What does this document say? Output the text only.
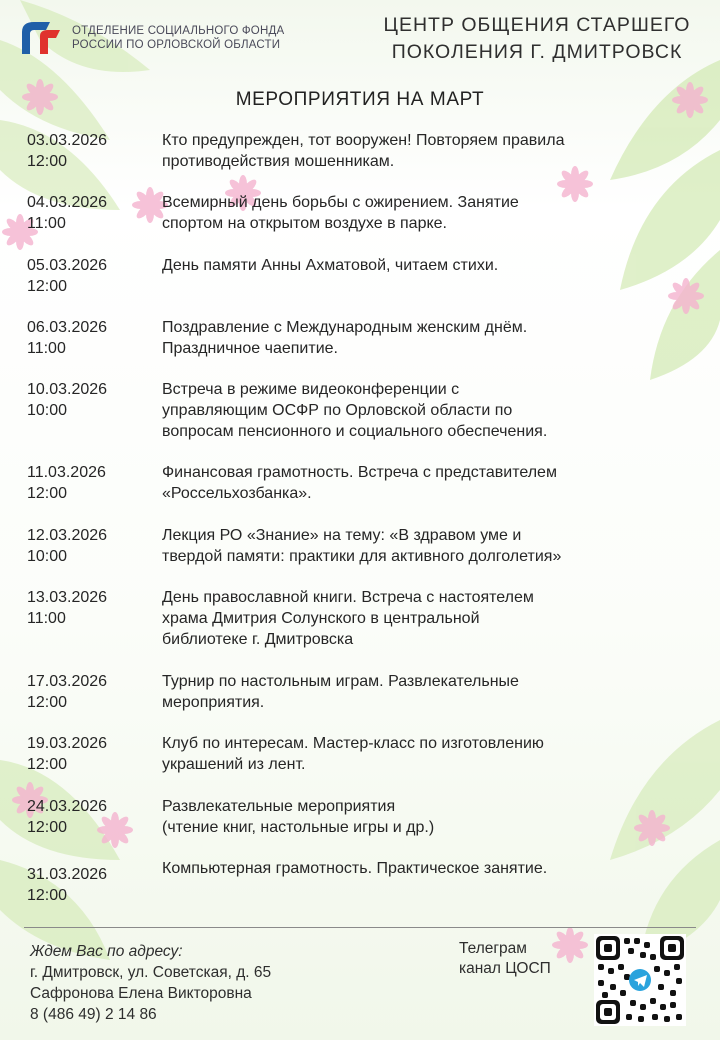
ОТДЕЛЕНИЕ СОЦИАЛЬНОГО ФОНДА
РОССИИ ПО ОРЛОВСКОЙ ОБЛАСТИ
ЦЕНТР ОБЩЕНИЯ СТАРШЕГО
ПОКОЛЕНИЯ Г. ДМИТРОВСК
МЕРОПРИЯТИЯ НА МАРТ
03.03.2026
12:00
Кто предупрежден, тот вооружен! Повторяем правила
противодействия мошенникам.
04.03.2026
11:00
Всемирный день борьбы с ожирением. Занятие
спортом на открытом воздухе в парке.
05.03.2026
12:00
День памяти Анны Ахматовой, читаем стихи.
06.03.2026
11:00
Поздравление с Международным женским днём.
Праздничное чаепитие.
10.03.2026
10:00
Встреча в режиме видеоконференции с
управляющим ОСФР по Орловской области по
вопросам пенсионного и социального обеспечения.
11.03.2026
12:00
Финансовая грамотность. Встреча с представителем
«Россельхозбанка».
12.03.2026
10:00
Лекция РО «Знание» на тему: «В здравом уме и
твердой памяти: практики для активного долголетия»
13.03.2026
11:00
День православной книги. Встреча с настоятелем
храма Дмитрия Солунского в центральной
библиотеке г. Дмитровска
17.03.2026
12:00
Турнир по настольным играм. Развлекательные
мероприятия.
19.03.2026
12:00
Клуб по интересам. Мастер-класс по изготовлению
украшений из лент.
24.03.2026
12:00
Развлекательные мероприятия
(чтение книг, настольные игры и др.)
31.03.2026
12:00
Компьютерная грамотность. Практическое занятие.
Ждем Вас по адресу:
г. Дмитровск, ул. Советская, д. 65
Сафронова Елена Викторовна
8 (486 49) 2 14 86
Телеграм
канал ЦОСП
